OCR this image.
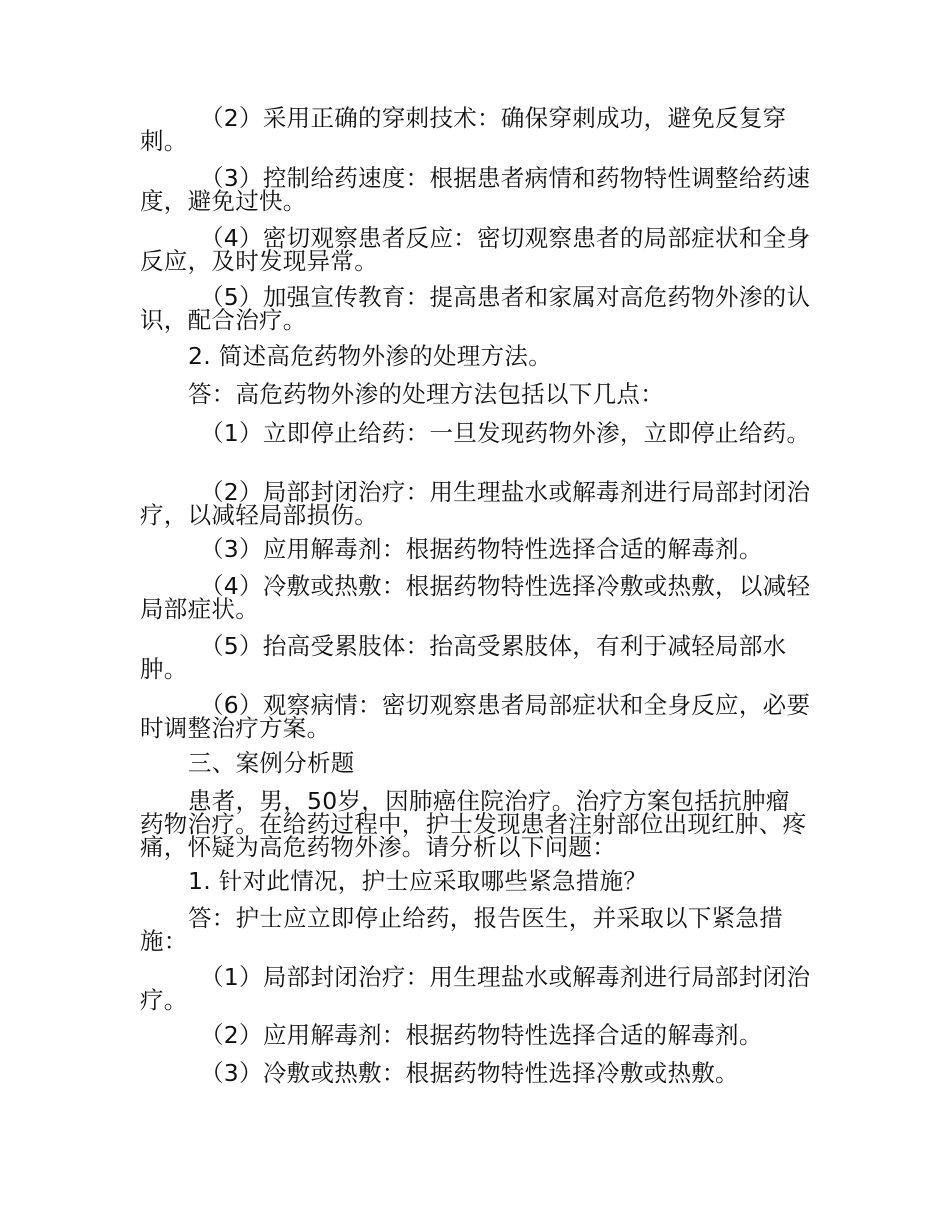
（2）采用正确的穿刺技术：确保穿刺成功，避免反复穿刺。
（3）控制给药速度：根据患者病情和药物特性调整给药速度，避免过快。
（4）密切观察患者反应：密切观察患者的局部症状和全身反应，及时发现异常。
（5）加强宣传教育：提高患者和家属对高危药物外渗的认识，配合治疗。
2. 简述高危药物外渗的处理方法。
答：高危药物外渗的处理方法包括以下几点：
（1）立即停止给药：一旦发现药物外渗，立即停止给药。
（2）局部封闭治疗：用生理盐水或解毒剂进行局部封闭治疗，以减轻局部损伤。
（3）应用解毒剂：根据药物特性选择合适的解毒剂。
（4）冷敷或热敷：根据药物特性选择冷敷或热敷，以减轻局部症状。
（5）抬高受累肢体：抬高受累肢体，有利于减轻局部水肿。
（6）观察病情：密切观察患者局部症状和全身反应，必要时调整治疗方案。
三、案例分析题
患者，男，50岁，因肺癌住院治疗。治疗方案包括抗肿瘤药物治疗。在给药过程中，护士发现患者注射部位出现红肿、疼痛，怀疑为高危药物外渗。请分析以下问题：
1. 针对此情况，护士应采取哪些紧急措施？
答：护士应立即停止给药，报告医生，并采取以下紧急措施：
（1）局部封闭治疗：用生理盐水或解毒剂进行局部封闭治疗。
（2）应用解毒剂：根据药物特性选择合适的解毒剂。
（3）冷敷或热敷：根据药物特性选择冷敷或热敷。
